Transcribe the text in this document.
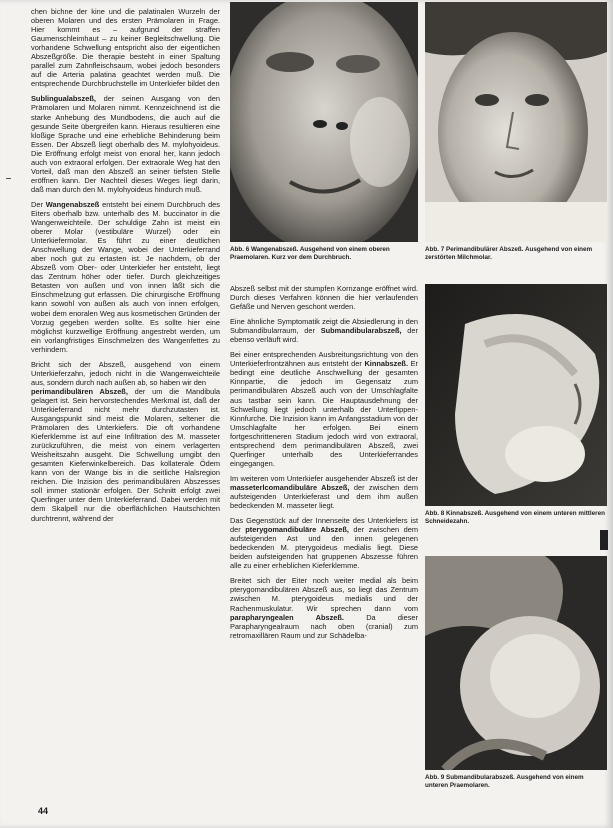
chen bichne der kine und die palatinalen Wurzeln der oberen Molaren und des ersten Prämolaren in Frage. Hier kommt es – aufgrund der straffen Gaumenschleimhaut – zu keiner Begleitschwellung. Die vorhandene Schwellung entspricht also der eigentlichen Abszeßgröße. Die therapie besteht in einer Spaltung parallel zum Zahnfleischsaum, wobei jedoch besonders auf die Arteria palatina geachtet werden muß. Die entsprechende Durchbruchstelle im Unterkiefer bildet den

Sublingualabszeß, der seinen Ausgang von den Prämolaren und Molaren nimmt. Kennzeichnend ist die starke Anhebung des Mundbodens, die auch auf die gesunde Seite übergreifen kann. Hieraus resultieren eine kloßige Sprache und eine erhebliche Behinderung beim Essen. Der Abszeß liegt oberhalb des M. mylohyoideus. Die Eröffnung erfolgt meist von enoral her, kann jedoch auch von extraoral erfolgen. Der extraorale Weg hat den Vorteil, daß man den Abszeß an seiner tiefsten Stelle eröffnen kann. Der Nachteil dieses Weges liegt darin, daß man durch den M. mylohyoideus hindurch muß.

Der Wangenabszeß entsteht bei einem Durchbruch des Eiters oberhalb bzw. unterhalb des M. buccinator in die Wangenweichteile. Der schuldige Zahn ist meist ein oberer Molar (vestibuläre Wurzel) oder ein Unterkiefermolar. Es führt zu einer deutlichen Anschwellung der Wange, wobei der Unterkieferrand aber noch gut zu ertasten ist. Je nachdem, ob der Abszeß vom Ober- oder Unterkiefer her entsteht, liegt das Zentrum höher oder tiefer. Durch gleichzeitiges Betasten von außen und von innen läßt sich die Einschmelzung gut erfassen. Die chirurgische Eröffnung kann sowohl von außen als auch von innen erfolgen, wobei dem enoralen Weg aus kosmetischen Gründen der Vorzug gegeben werden sollte. Es sollte hier eine möglichst kurzwellige Eröffnung angestrebt werden, um ein vorlangfristiges Einschmelzen des Wangenfettes zu verhindern.

Bricht sich der Abszeß, ausgehend von einem Unterkieferzahn, jedoch nicht in die Wangenweichteile aus, sondern durch nach außen ab, so haben wir den

perimandibulären Abszeß, der um die Mandibula gelagert ist. Sein hervorstechendes Merkmal ist, daß der Unterkieferrand nicht mehr durchzutasten ist. Ausgangspunkt sind meist die Molaren, seltener die Prämolaren des Unterkiefers. Die oft vorhandene Kieferklemme ist auf eine Infiltration des M. masseter zurückzuführen, die meist von einem verlagerten Weisheitszahn ausgeht. Die Schwellung umgibt den gesamten Kieferwinkelbereich. Das kollaterale Ödem kann von der Wange bis in die seitliche Halsregion reichen. Die Inzision des perimandibulären Abszesses soll immer stationär erfolgen. Der Schnitt erfolgt zwei Querfinger unter dem Unterkieferrand. Dabei werden mit dem Skalpell nur die oberflächlichen Hautschichten durchtrennt, während der

Abszeß selbst mit der stumpfen Kornzange eröffnet wird. Durch dieses Verfahren können die hier verlaufenden Gefäße und Nerven geschont werden.

Eine ähnliche Symptomatik zeigt die Absiedlerung in den Submandibularraum, der Submandibularabszeß, der ebenso verläuft wird.

Bei einer entsprechenden Ausbreitungsrichtung von den Unterkieferfrontzähnen aus entsteht der Kinnabszeß. Er bedingt eine deutliche Anschwellung der gesamten Kinnpartie, die jedoch im Gegensatz zum perimandibulären Abszeß auch von der Umschlagfalte aus tastbar sein kann. Die Hauptausdehnung der Schwellung liegt jedoch unterhalb der Unterlippen-Kinnfurche. Die Inzision kann im Anfangsstadium von der Umschlagfalte her erfolgen. Bei einem fortgeschritteneren Stadium jedoch wird von extraoral, entsprechend dem perimandibulären Abszeß, zwei Querfinger unterhalb des Unterkieferrandes eingegangen.

Im weiteren vom Unterkiefer ausgehender Abszeß ist der masseterlcomandibuläre Abszeß, der zwischen dem aufsteigenden Unterkieferast und dem ihm außen bedeckenden M. masseter liegt.

Das Gegenstück auf der Innenseite des Unterkiefers ist der pterygomandibuläre Abszeß, der zwischen dem aufsteigenden Ast und den innen gelegenen bedeckenden M. pterygoideus medialis liegt. Diese beiden aufsteigenden hat gruppenen Abszesse führen alle zu einer erheblichen Kieferklemme.

Breitet sich der Eiter noch weiter medial als beim pterygomandibulären Abszeß aus, so liegt das Zentrum zwischen M. pterygoideus medialis und der Rachenmuskulatur. Wir sprechen dann vom parapharyngealen Abszeß. Da dieser Parapharyngealraum nach oben (cranial) zum retromaxillären Raum und zur Schädelba-

Abb. 6 Wangenabszeß. Ausgehend von einem oberen Praemolaren. Kurz vor dem Durchbruch.
Abb. 7 Perimandibulärer Abszeß. Ausgehend von einem zerstörten Milchmolar.
Abb. 8 Kinnabszeß. Ausgehend von einem unteren mittleren Schneidezahn.
Abb. 9 Submandibularabszeß. Ausgehend von einem unteren Praemolaren.
44
